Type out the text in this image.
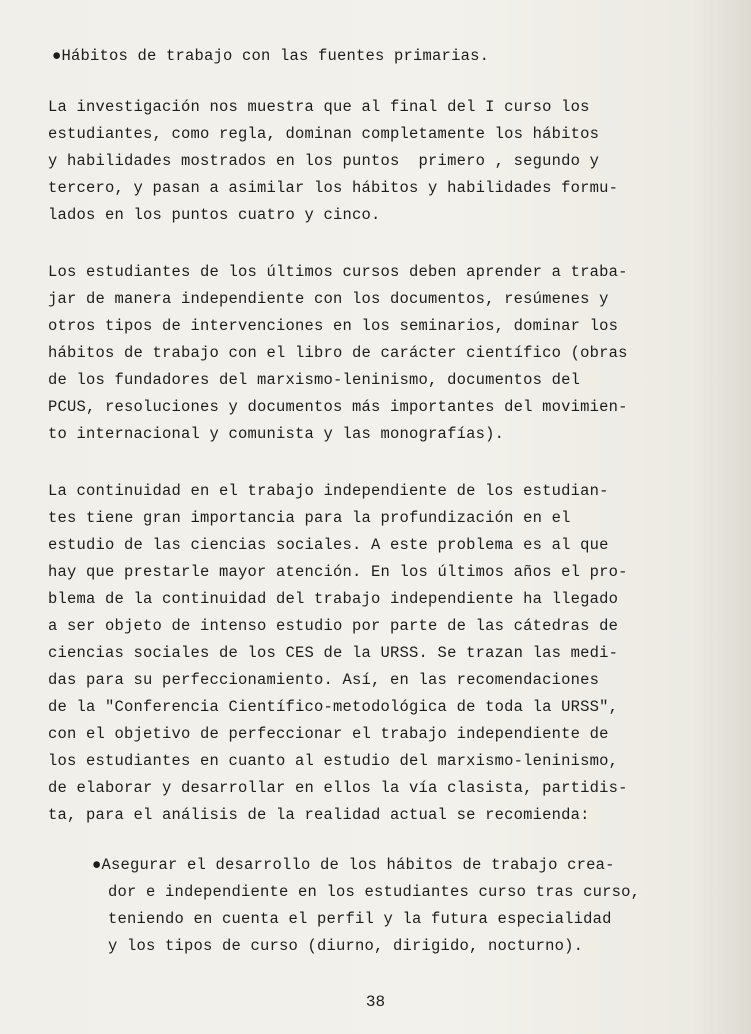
●Hábitos de trabajo con las fuentes primarias.
La investigación nos muestra que al final del I curso los
estudiantes, como regla, dominan completamente los hábitos
y habilidades mostrados en los puntos  primero , segundo y
tercero, y pasan a asimilar los hábitos y habilidades formu-
lados en los puntos cuatro y cinco.
Los estudiantes de los últimos cursos deben aprender a traba-
jar de manera independiente con los documentos, resúmenes y
otros tipos de intervenciones en los seminarios, dominar los
hábitos de trabajo con el libro de carácter científico (obras
de los fundadores del marxismo-leninismo, documentos del
PCUS, resoluciones y documentos más importantes del movimien-
to internacional y comunista y las monografías).
La continuidad en el trabajo independiente de los estudian-
tes tiene gran importancia para la profundización en el
estudio de las ciencias sociales. A este problema es al que
hay que prestarle mayor atención. En los últimos años el pro-
blema de la continuidad del trabajo independiente ha llegado
a ser objeto de intenso estudio por parte de las cátedras de
ciencias sociales de los CES de la URSS. Se trazan las medi-
das para su perfeccionamiento. Así, en las recomendaciones
de la "Conferencia Científico-metodológica de toda la URSS",
con el objetivo de perfeccionar el trabajo independiente de
los estudiantes en cuanto al estudio del marxismo-leninismo,
de elaborar y desarrollar en ellos la vía clasista, partidis-
ta, para el análisis de la realidad actual se recomienda:
●Asegurar el desarrollo de los hábitos de trabajo crea-
dor e independiente en los estudiantes curso tras curso,
teniendo en cuenta el perfil y la futura especialidad
y los tipos de curso (diurno, dirigido, nocturno).
38
